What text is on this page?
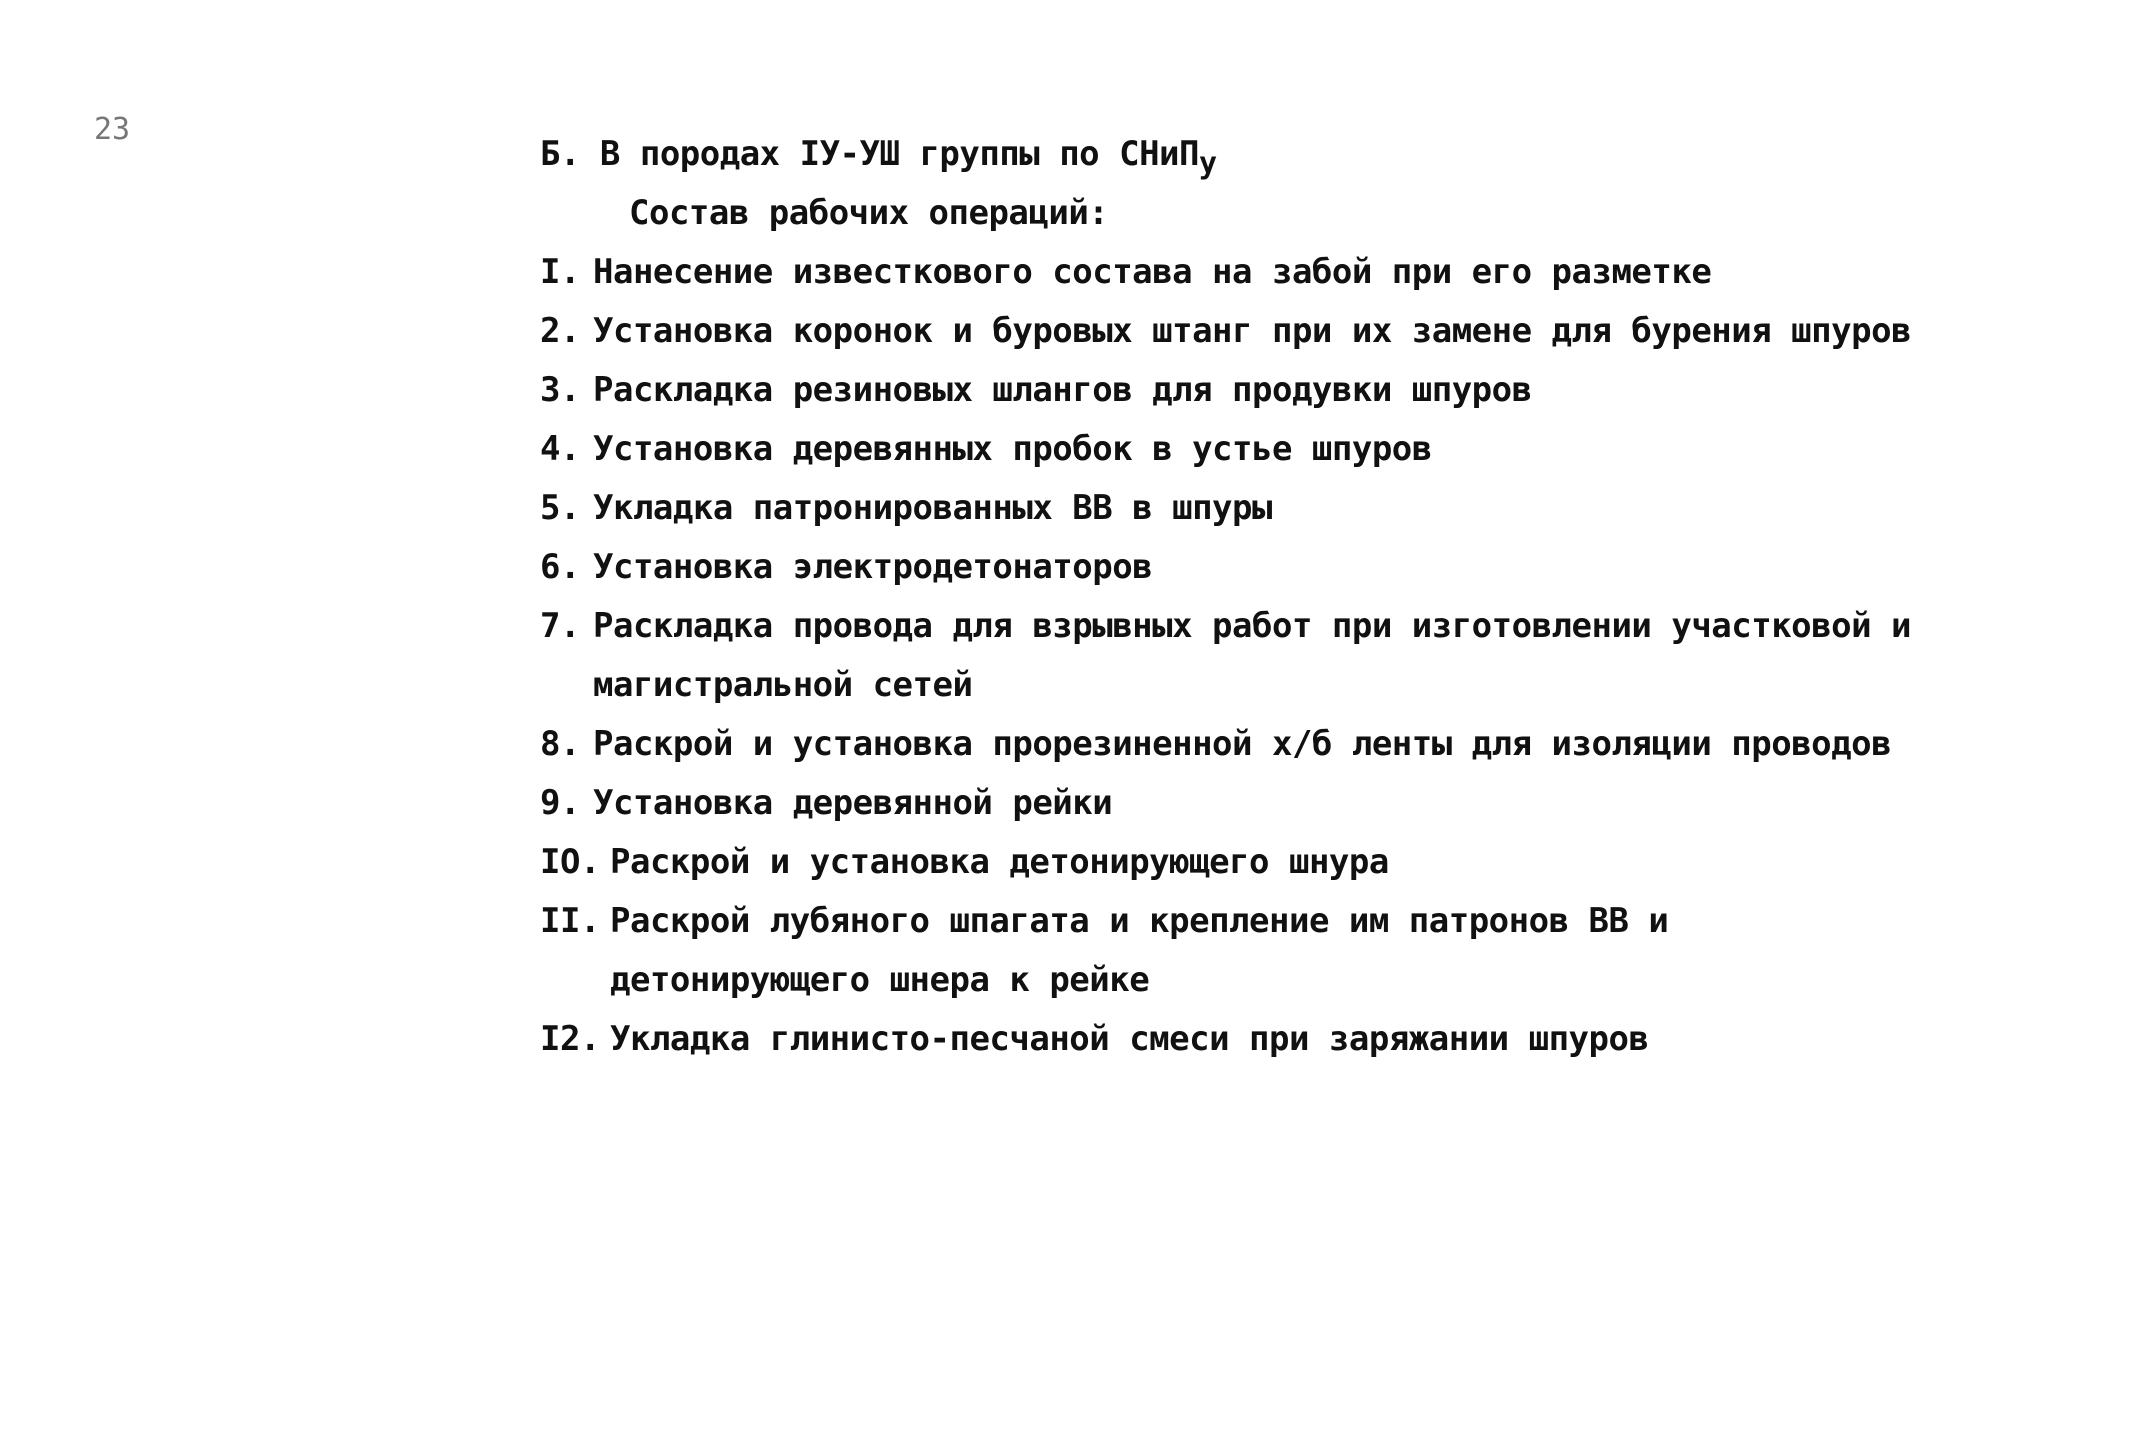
23
Б. В породах IУ-УШ группы по СНиПу
Состав рабочих операций:
I. Нанесение известкового состава на забой при его разметке
2. Установка коронок и буровых штанг при их замене для бурения шпуров
3. Раскладка резиновых шлангов для продувки шпуров
4. Установка деревянных пробок в устье шпуров
5. Укладка патронированных ВВ в шпуры
6. Установка электродетонаторов
7. Раскладка провода для взрывных работ при изготовлении участковой и
магистральной сетей
8. Раскрой и установка прорезиненной х/б ленты для изоляции проводов
9. Установка деревянной рейки
IO. Раскрой и установка детонирующего шнура
II. Раскрой лубяного шпагата и крепление им патронов ВВ и
детонирующего шнера к рейке
I2. Укладка глинисто-песчаной смеси при заряжании шпуров
